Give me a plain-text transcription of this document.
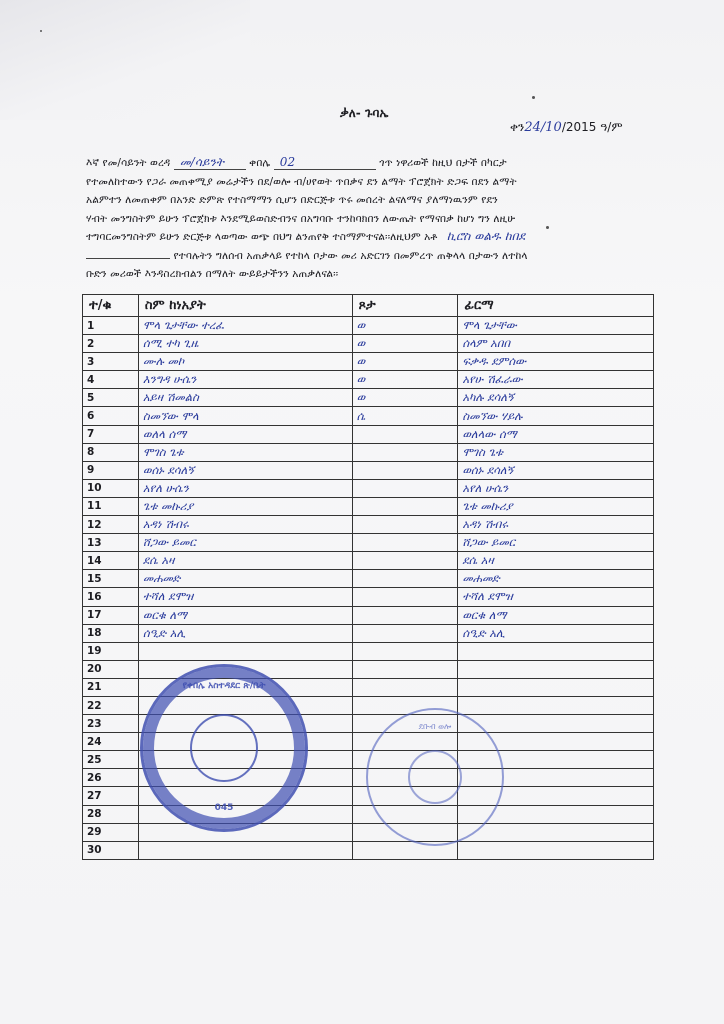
ቃለ- ጉባኤ
ቀን24/10/2015 ዓ/ም
እኛ የመ/ሳይንት ወረዳ መ/ሳይንት ቀበሌ 02	ጎጥ ነዋሪወች ከዚህ በታች በካርታ
የተመለከተውን የጋራ መጠቀሚያ መሬታችን በደ/ወሎ ብ/ሀየወት ጥበቃና ደን ልማት ፕሮጀክት ድጋፍ በደን ልማት
አልምተን ለመጠቀም በአንድ ድምጽ የተስማማን ሲሆን በድርጅቱ ጥሩ መሰረት ልናለማና ያለማነዉንም የደን
ሃብት መንግስትም ይሁን ፕሮጀክቱ እንደሚይወስድብንና በአግባቡ ተንከባክበን ለውጤት የማናበቃ ከሆነ ግን ለዚሁ
ተግባርመንግስትም ይሁን ድርጅቱ ላወጣው ወጭ በህግ ልንጠየቅ ተስማምተናል፡፡ለዚህም አቶ ኪሮስ ወልዱ ከበደ
የተባሉትን ግለሰብ አጠቃላይ የተከላ ቦታው መሪ አድርገን በመምረጥ ጠቅላላ በታውን ለተከላ
ቡድን መሪወች እንዳስረክብልን በማለት ውይይታችንን አጠቃለናል፡፡
ተ/ቁ	ስም ከነአያት	ጾታ	ፊርማ
1	ሞላ ጌታቸው ተረፈ	ወ	ሞላ ጌታቸው
2	ሰሚ ተካ ጊዜ	ወ	ሰላም አበበ
3	ሙሉ መኮ	ወ	ፍቃዱ ደምሰው
4	እንግዳ ሁሴን	ወ	አየሁ ሽፈራው
5	አይዛ ሽመልስ	ወ	አካሉ ደሳለኝ
6	ስመኘው ሞላ	ሴ	ስመኘው ሃይሉ
7	ወለላ ሰማ		ወለላው ሰማ
8	ሞገስ ጌቱ		ሞገስ ጌቱ
9	ወሰኑ ደሳለኝ		ወሰኑ ደሳለኝ
10	አየለ ሁሴን		አየለ ሁሴን
11	ጌቱ መኩሪያ		ጌቱ መኩሪያ
12	አዳነ ሽብሩ		አዳነ ሽብሩ
13	ሸጋው ይመር		ሸጋው ይመር
14	ደሴ አዛ		ደሴ አዛ
15	መሐመድ		መሐመድ
16	ተሻለ ደሞዝ		ተሻለ ደሞዝ
17	ወርቁ ለማ		ወርቁ ለማ
18	ሰዒድ አሊ		ሰዒድ አሊ
19			
20			
21			
22			
23			
24			
25			
26			
27			
28			
29			
30			
የቀበሌ አስተዳደር ጽ/ቤት
045
ደቡብ ወሎ
